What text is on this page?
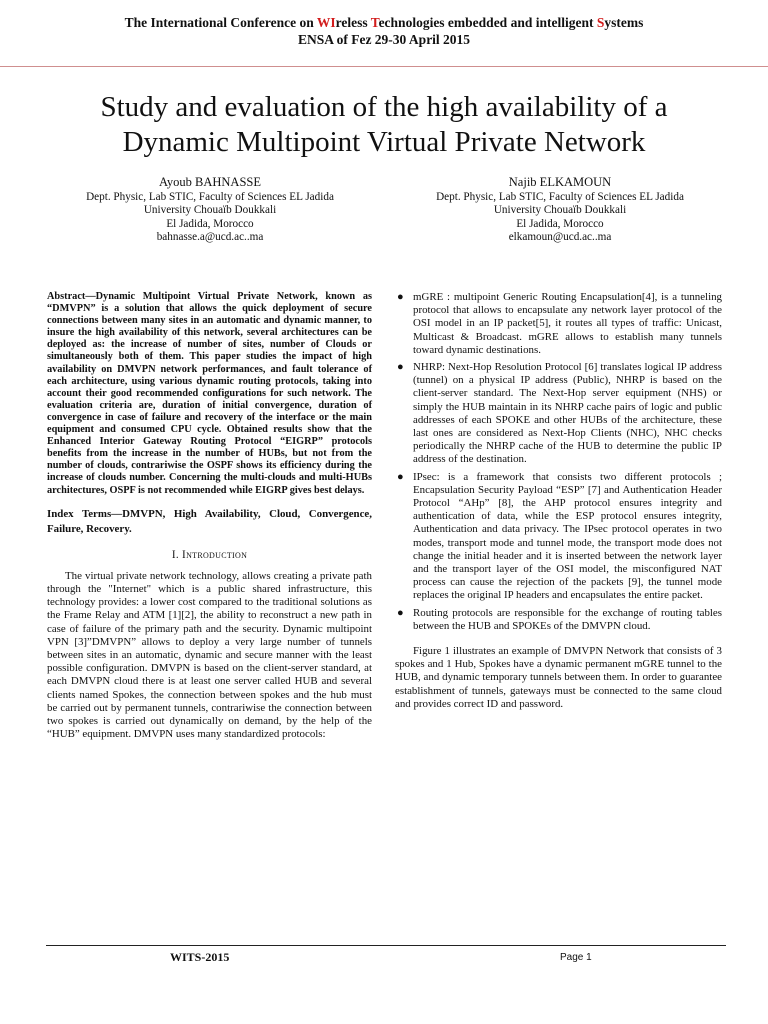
The International Conference on WIreless Technologies embedded and intelligent Systems
ENSA of Fez 29-30 April 2015
Study and evaluation of the high availability of a
Dynamic Multipoint Virtual Private Network
Ayoub BAHNASSE
Dept. Physic, Lab STIC, Faculty of Sciences EL Jadida
University Chouaïb Doukkali
El Jadida, Morocco
bahnasse.a@ucd.ac..ma
Najib ELKAMOUN
Dept. Physic, Lab STIC, Faculty of Sciences EL Jadida
University Chouaïb Doukkali
El Jadida, Morocco
elkamoun@ucd.ac..ma

Abstract—Dynamic Multipoint Virtual Private Network, known as “DMVPN” is a solution that allows the quick deployment of secure connections between many sites in an automatic and dynamic manner, to insure the high availability of this network, several architectures can be deployed as: the increase of number of sites, number of Clouds or simultaneously both of them. This paper studies the impact of high availability on DMVPN network performances, and fault tolerance of each architecture, using various dynamic routing protocols, taking into account their good recommended configurations for such network. The evaluation criteria are, duration of initial convergence, duration of convergence in case of failure and recovery of the interface or the main equipment and consumed CPU cycle. Obtained results show that the Enhanced Interior Gateway Routing Protocol “EIGRP” protocols benefits from the increase in the number of HUBs, but not from the number of clouds, contrariwise the OSPF shows its efficiency during the increase of clouds number. Concerning the multi-clouds and multi-HUBs architectures, OSPF is not recommended while EIGRP gives best delays.

Index Terms—DMVPN, High Availability, Cloud, Convergence, Failure, Recovery.

I. Introduction

The virtual private network technology, allows creating a private path through the "Internet" which is a public shared infrastructure, this technology provides: a lower cost compared to the traditional solutions as the Frame Relay and ATM [1][2], the ability to reconstruct a new path in case of failure of the primary path and the security. Dynamic multipoint VPN [3]”DMVPN” allows to deploy a very large number of tunnels between sites in an automatic, dynamic and secure manner with the least possible configuration. DMVPN is based on the client-server standard, at each DMVPN cloud there is at least one server called HUB and several clients named Spokes, the connection between spokes and the hub must be carried out by permanent tunnels, contrariwise the connection between two spokes is carried out dynamically on demand, by the help of the “HUB” equipment. DMVPN uses many standardized protocols:

● mGRE : multipoint Generic Routing Encapsulation[4], is a tunneling protocol that allows to encapsulate any network layer protocol of the OSI model in an IP packet[5], it routes all types of traffic: Unicast, Multicast & Broadcast. mGRE allows to establish many tunnels toward dynamic destinations.
● NHRP: Next-Hop Resolution Protocol [6] translates logical IP address (tunnel) on a physical IP address (Public), NHRP is based on the client-server standard. The Next-Hop server equipment (NHS) or simply the HUB maintain in its NHRP cache pairs of logic and public addresses of each SPOKE and other HUBs of the architecture, these last ones are considered as Next-Hop Clients (NHC), NHC checks periodically the NHRP cache of the HUB to determine the public IP address of the destination.
● IPsec: is a framework that consists two different protocols ; Encapsulation Security Payload “ESP” [7] and Authentication Header Protocol “AHp” [8], the AHP protocol ensures integrity and authentication of data, while the ESP protocol ensures integrity, Authentication and data privacy. The IPsec protocol operates in two modes, transport mode and tunnel mode, the transport mode does not change the initial header and it is inserted between the network layer and the transport layer of the OSI model, the misconfigured NAT process can cause the rejection of the packets [9], the tunnel mode replaces the original IP headers and encapsulates the entire packet.
● Routing protocols are responsible for the exchange of routing tables between the HUB and SPOKEs of the DMVPN cloud.

Figure 1 illustrates an example of DMVPN Network that consists of 3 spokes and 1 Hub, Spokes have a dynamic permanent mGRE tunnel to the HUB, and dynamic temporary tunnels between them. In order to guarantee establishment of tunnels, gateways must be connected to the same cloud and provides correct ID and password.

WITS-2015	Page 1
